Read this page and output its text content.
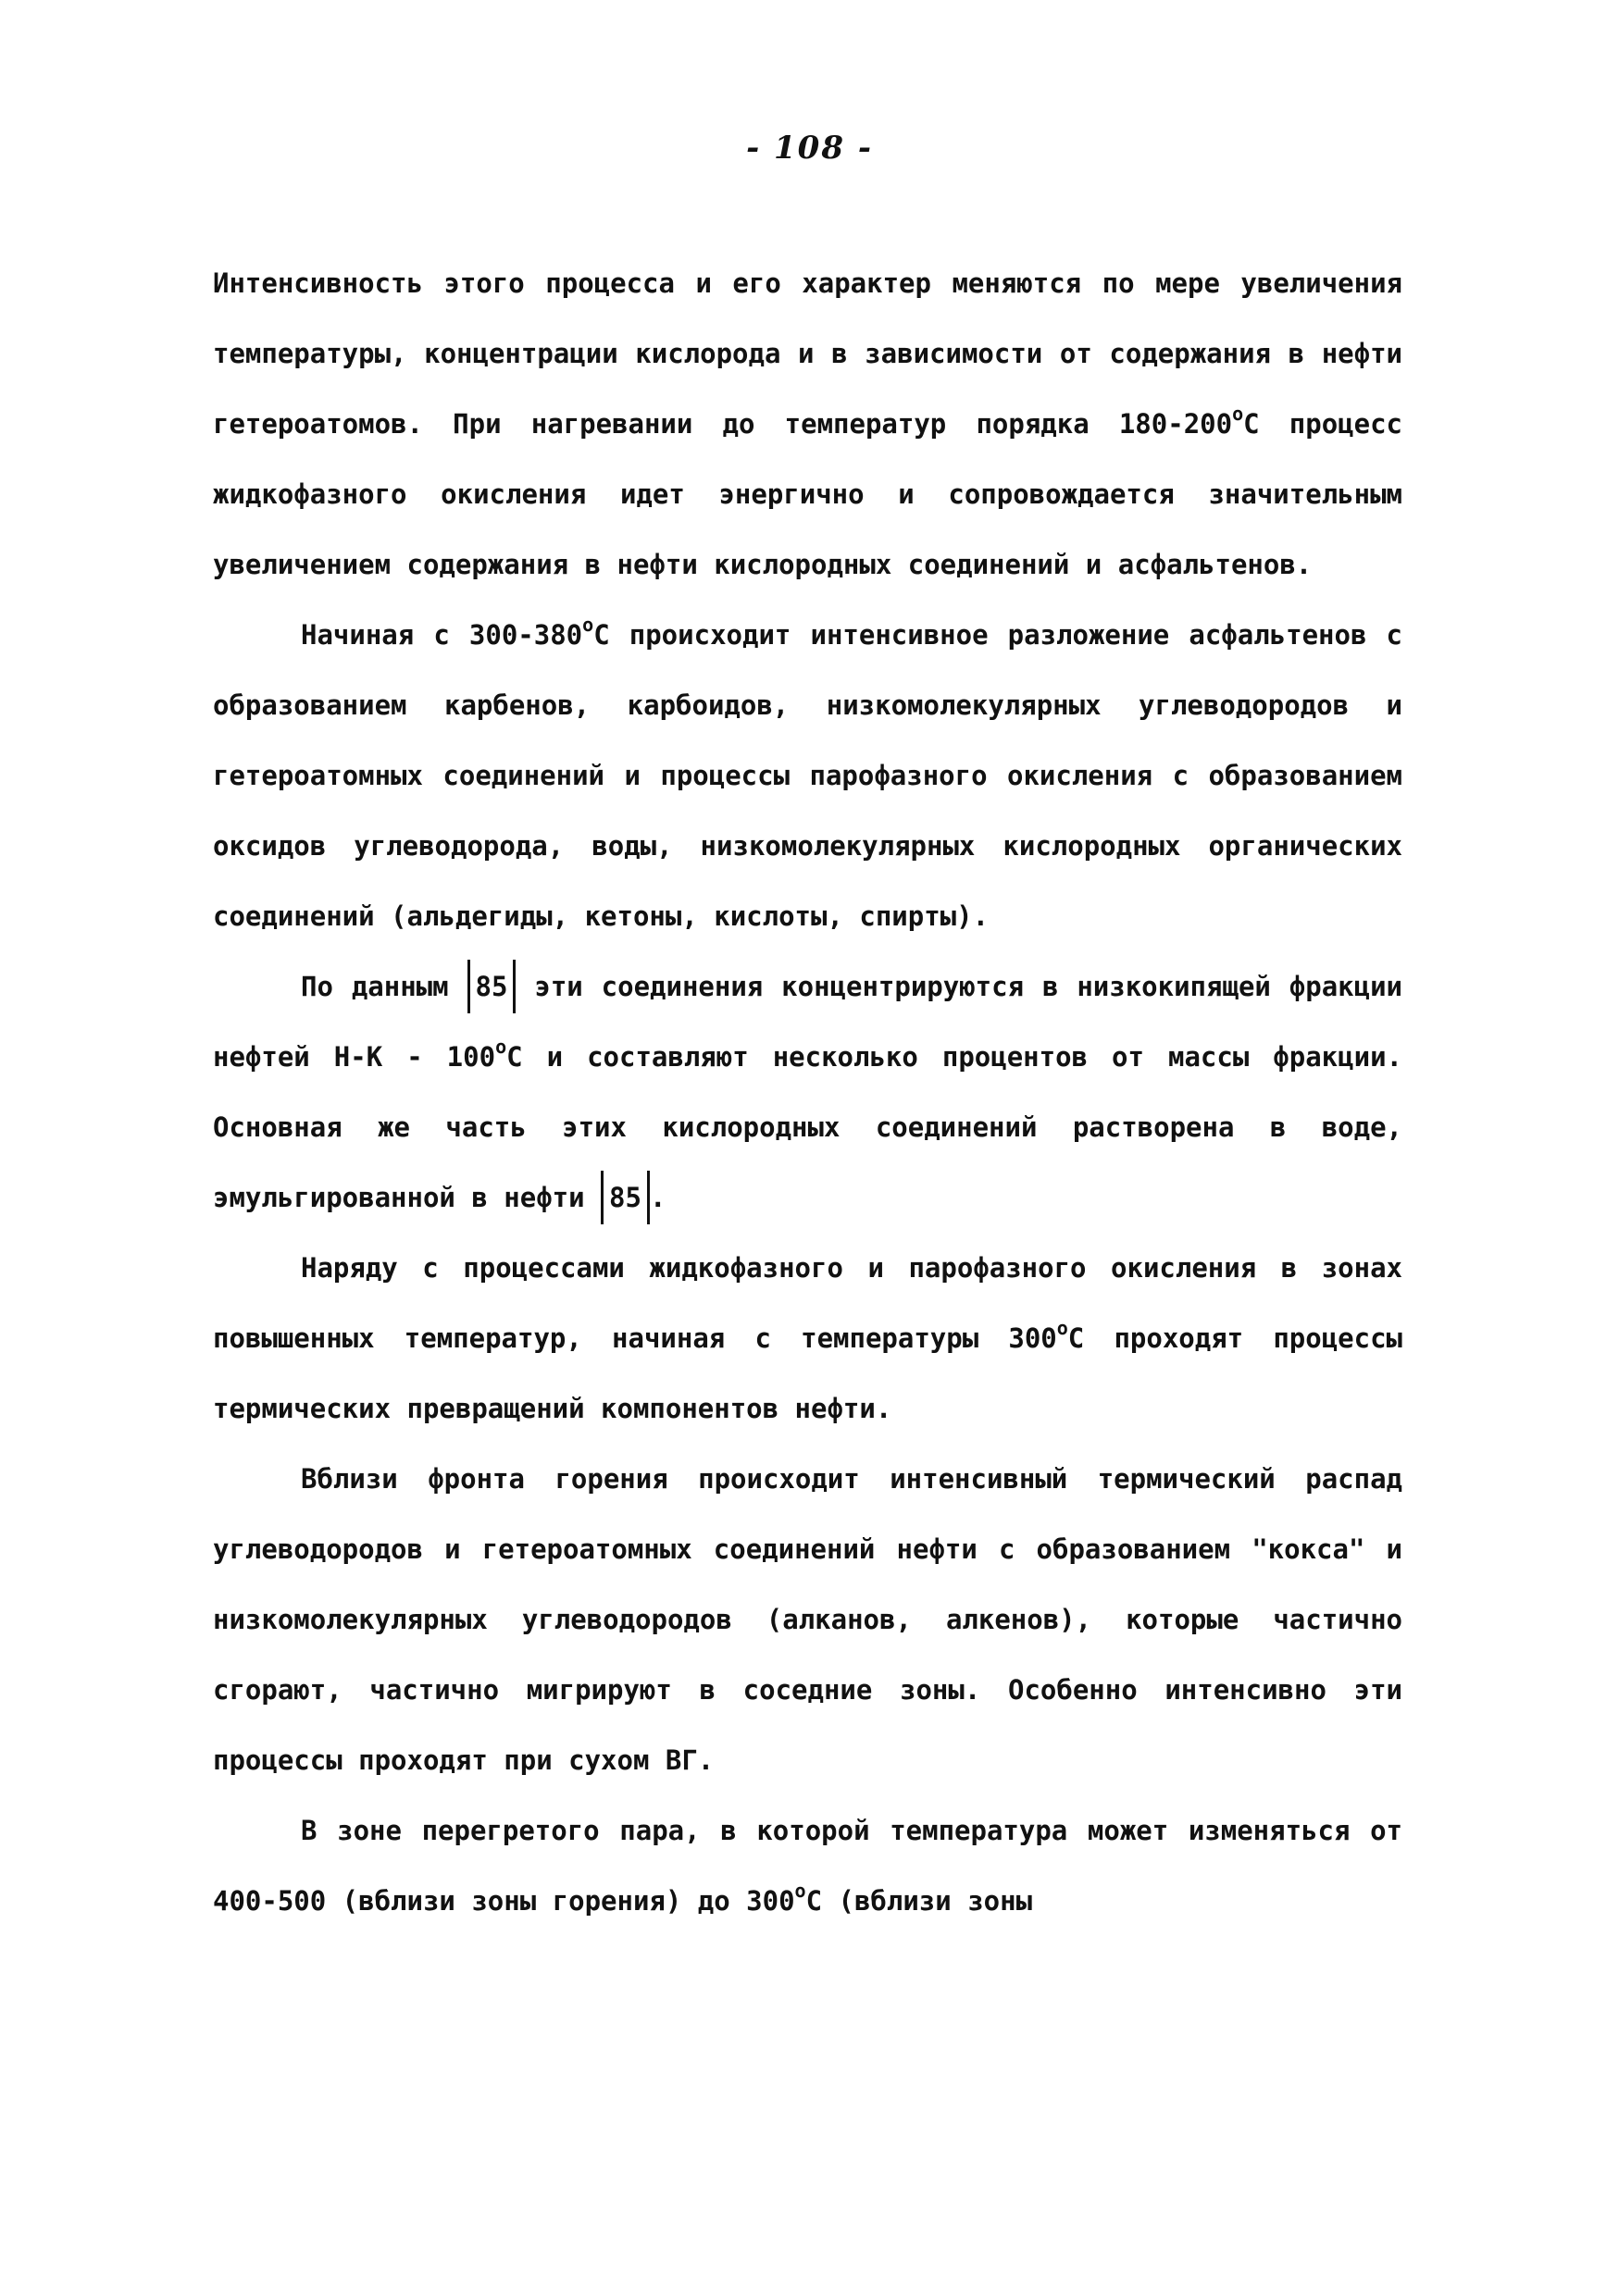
- 108 -

Интенсивность этого процесса и его характер меняются по мере увеличения температуры, концентрации кислорода и в зависимости от содержания в нефти гетероатомов. При нагревании до температур порядка 180-200$^o$С процесс жидкофазного окисления идет энергично и сопровождается значительным увеличением содержания в нефти кислородных соединений и асфальтенов.

Начиная с 300-380$^o$С происходит интенсивное разложение асфальтенов с образованием карбенов, карбоидов, низкомолекулярных углеводородов и гетероатомных соединений и процессы парофазного окисления с образованием оксидов углеводорода, воды, низкомолекулярных кислородных органических соединений (альдегиды, кетоны, кислоты, спирты).

По данным 85 эти соединения концентрируются в низкокипящей фракции нефтей Н-К - 100$^o$С и составляют несколько процентов от массы фракции. Основная же часть этих кислородных соединений растворена в воде, эмульгированной в нефти 85 .

Наряду с процессами жидкофазного и парофазного окисления в зонах повышенных температур, начиная с температуры 300$^o$С проходят процессы термических превращений компонентов нефти.

Вблизи фронта горения происходит интенсивный термический распад углеводородов и гетероатомных соединений нефти с образованием "кокса" и низкомолекулярных углеводородов (алканов, алкенов), которые частично сгорают, частично мигрируют в соседние зоны. Особенно интенсивно эти процессы проходят при сухом ВГ.

В зоне перегретого пара, в которой температура может изменяться от 400-500 (вблизи зоны горения) до 300$^o$С (вблизи зоны
